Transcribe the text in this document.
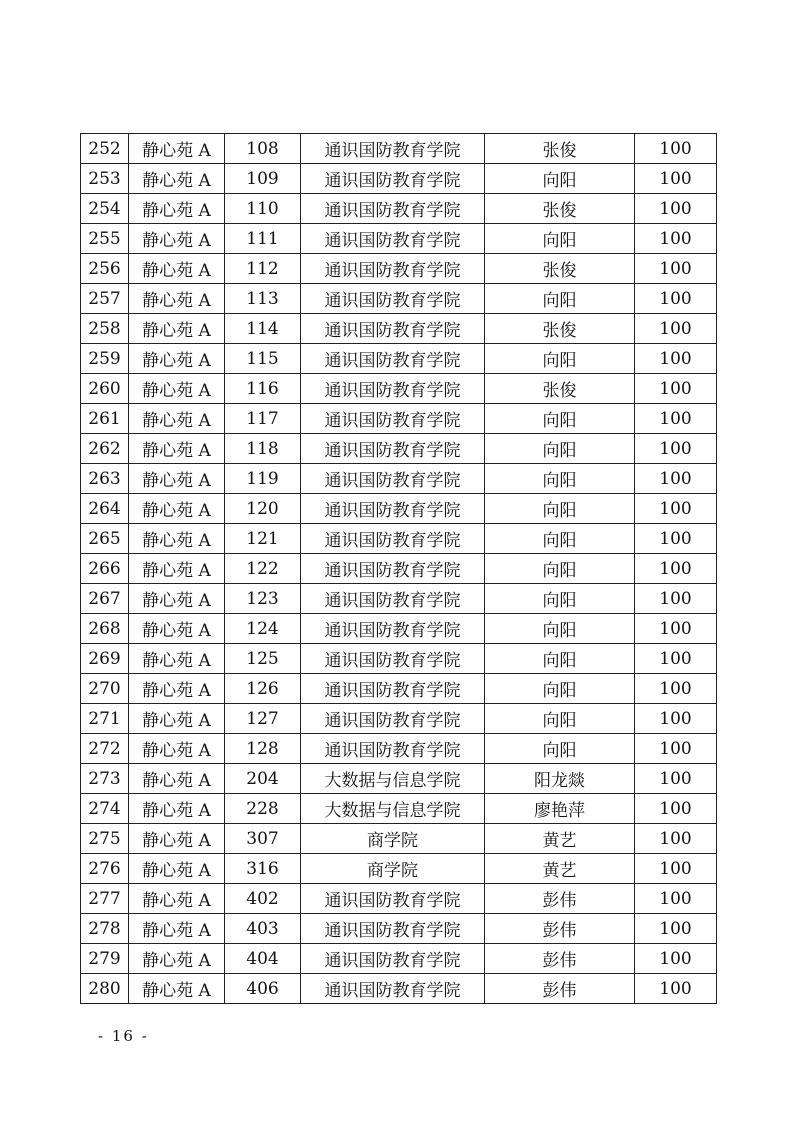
252	静心苑 A	108	通识国防教育学院	张俊	100
253	静心苑 A	109	通识国防教育学院	向阳	100
254	静心苑 A	110	通识国防教育学院	张俊	100
255	静心苑 A	111	通识国防教育学院	向阳	100
256	静心苑 A	112	通识国防教育学院	张俊	100
257	静心苑 A	113	通识国防教育学院	向阳	100
258	静心苑 A	114	通识国防教育学院	张俊	100
259	静心苑 A	115	通识国防教育学院	向阳	100
260	静心苑 A	116	通识国防教育学院	张俊	100
261	静心苑 A	117	通识国防教育学院	向阳	100
262	静心苑 A	118	通识国防教育学院	向阳	100
263	静心苑 A	119	通识国防教育学院	向阳	100
264	静心苑 A	120	通识国防教育学院	向阳	100
265	静心苑 A	121	通识国防教育学院	向阳	100
266	静心苑 A	122	通识国防教育学院	向阳	100
267	静心苑 A	123	通识国防教育学院	向阳	100
268	静心苑 A	124	通识国防教育学院	向阳	100
269	静心苑 A	125	通识国防教育学院	向阳	100
270	静心苑 A	126	通识国防教育学院	向阳	100
271	静心苑 A	127	通识国防教育学院	向阳	100
272	静心苑 A	128	通识国防教育学院	向阳	100
273	静心苑 A	204	大数据与信息学院	阳龙燚	100
274	静心苑 A	228	大数据与信息学院	廖艳萍	100
275	静心苑 A	307	商学院	黄艺	100
276	静心苑 A	316	商学院	黄艺	100
277	静心苑 A	402	通识国防教育学院	彭伟	100
278	静心苑 A	403	通识国防教育学院	彭伟	100
279	静心苑 A	404	通识国防教育学院	彭伟	100
280	静心苑 A	406	通识国防教育学院	彭伟	100
- 16 -
